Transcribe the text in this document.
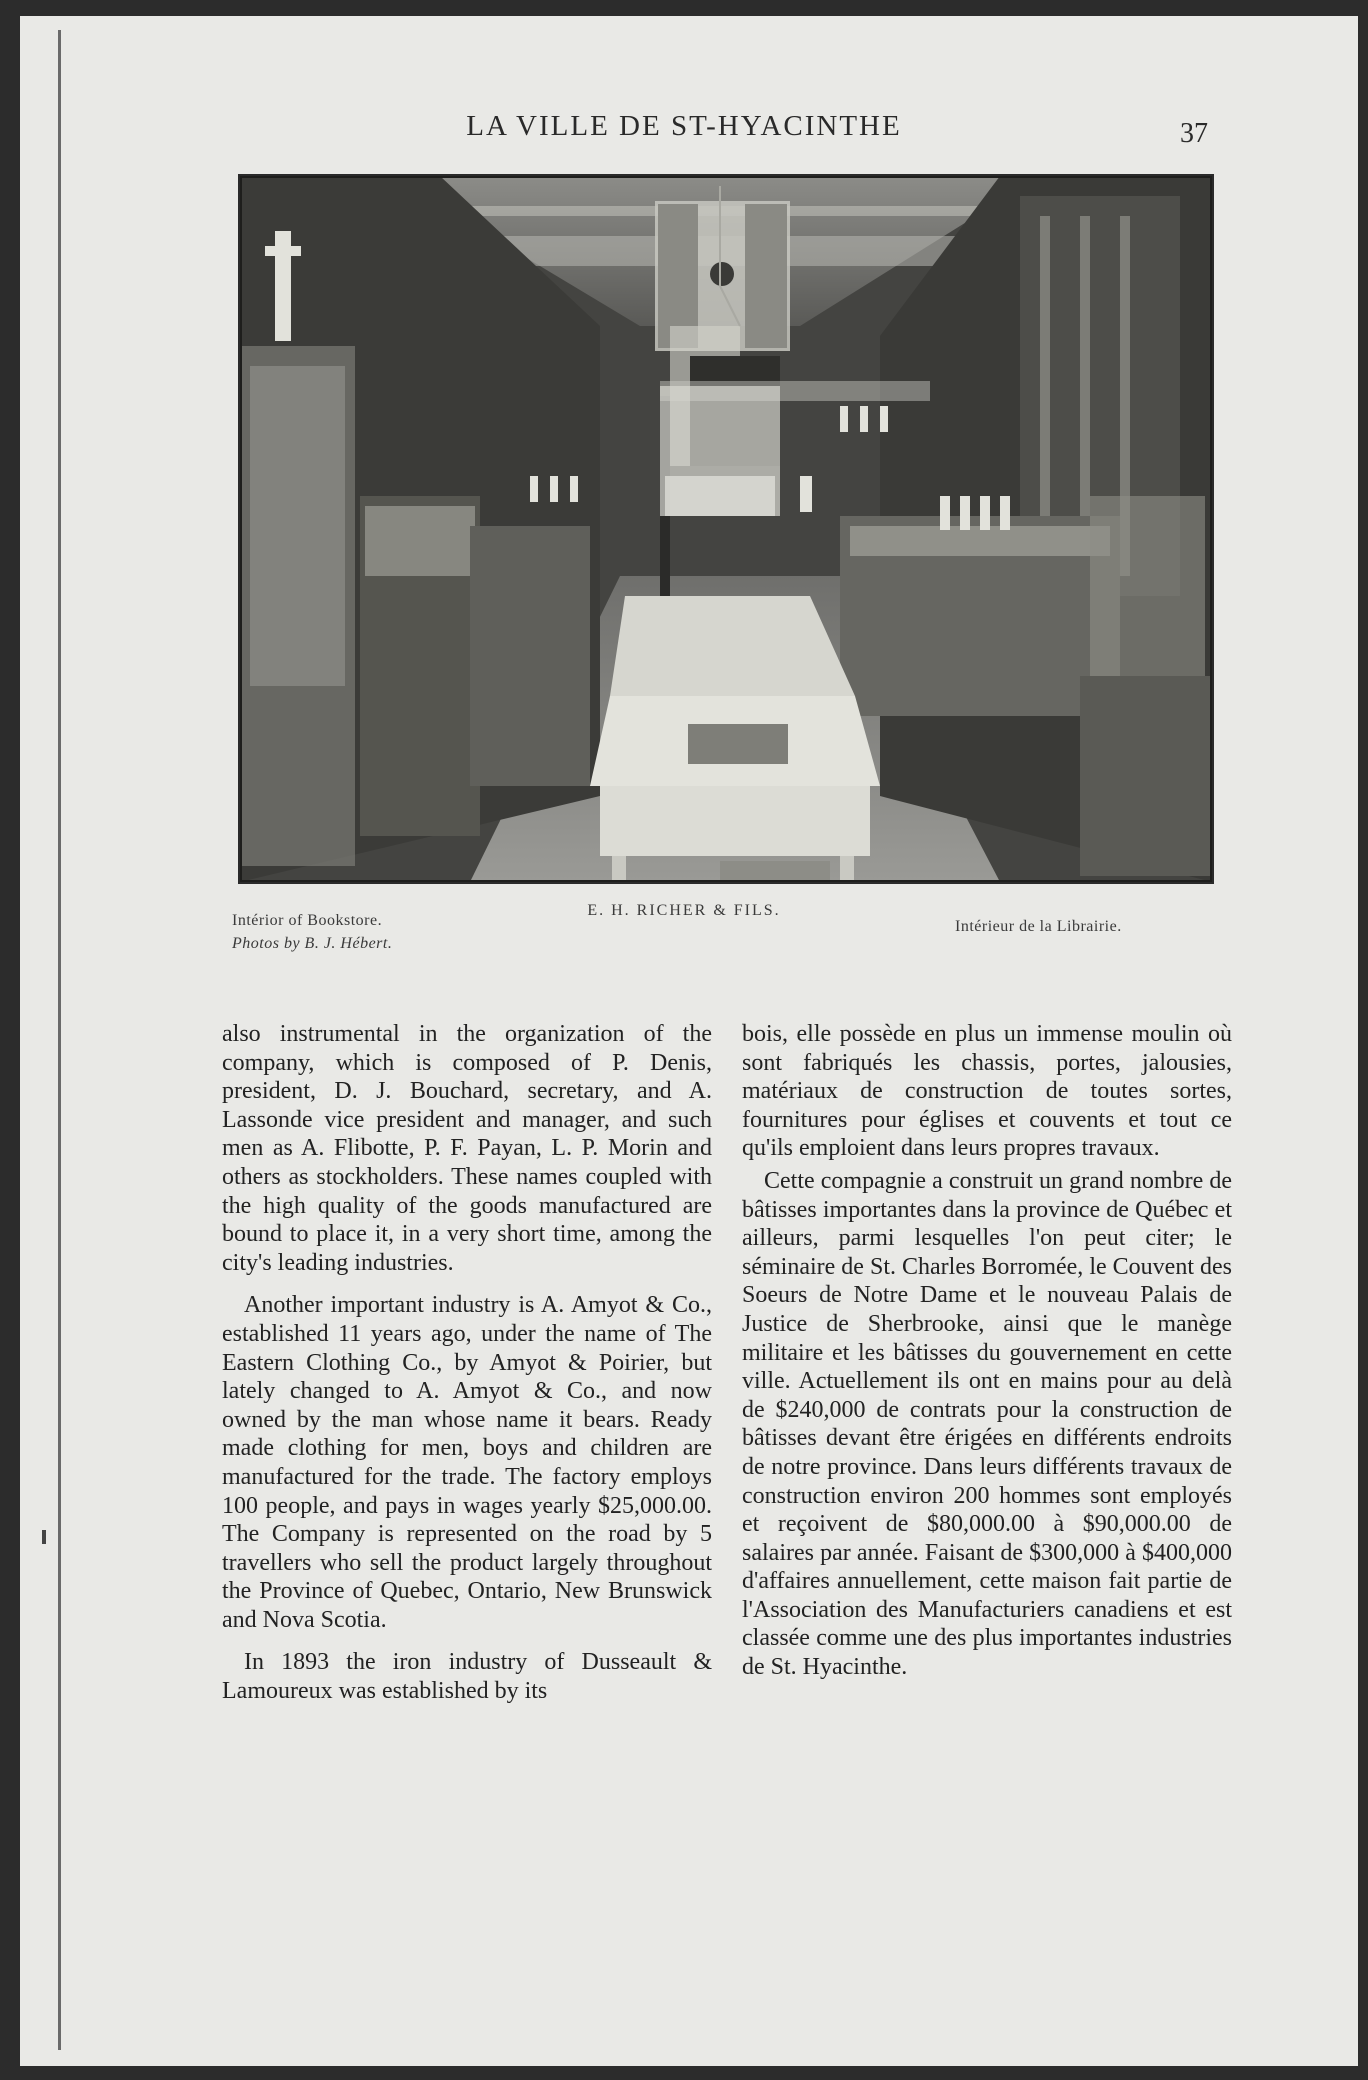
LA VILLE DE ST-HYACINTHE	37
E. H. RICHER & FILS.
Intérior of Bookstore.
Photos by B. J. Hébert.
Intérieur de la Librairie.

also instrumental in the organization of the company, which is composed of P. Denis, president, D. J. Bouchard, secretary, and A. Lassonde vice president and manager, and such men as A. Flibotte, P. F. Payan, L. P. Morin and others as stockholders. These names coupled with the high quality of the goods manufactured are bound to place it, in a very short time, among the city's leading industries.

Another important industry is A. Amyot & Co., established 11 years ago, under the name of The Eastern Clothing Co., by Amyot & Poirier, but lately changed to A. Amyot & Co., and now owned by the man whose name it bears. Ready made clothing for men, boys and children are manufactured for the trade. The factory employs 100 people, and pays in wages yearly $25,000.00. The Company is represented on the road by 5 travellers who sell the product largely throughout the Province of Quebec, Ontario, New Brunswick and Nova Scotia.

In 1893 the iron industry of Dusseault & Lamoureux was established by its

bois, elle possède en plus un immense moulin où sont fabriqués les chassis, portes, jalousies, matériaux de construction de toutes sortes, fournitures pour églises et couvents et tout ce qu'ils emploient dans leurs propres travaux.

Cette compagnie a construit un grand nombre de bâtisses importantes dans la province de Québec et ailleurs, parmi lesquelles l'on peut citer; le séminaire de St. Charles Borromée, le Couvent des Soeurs de Notre Dame et le nouveau Palais de Justice de Sherbrooke, ainsi que le manège militaire et les bâtisses du gouvernement en cette ville. Actuellement ils ont en mains pour au delà de $240,000 de contrats pour la construction de bâtisses devant être érigées en différents endroits de notre province. Dans leurs différents travaux de construction environ 200 hommes sont employés et reçoivent de $80,000.00 à $90,000.00 de salaires par année. Faisant de $300,000 à $400,000 d'affaires annuellement, cette maison fait partie de l'Association des Manufacturiers canadiens et est classée comme une des plus importantes industries de St. Hyacinthe.
